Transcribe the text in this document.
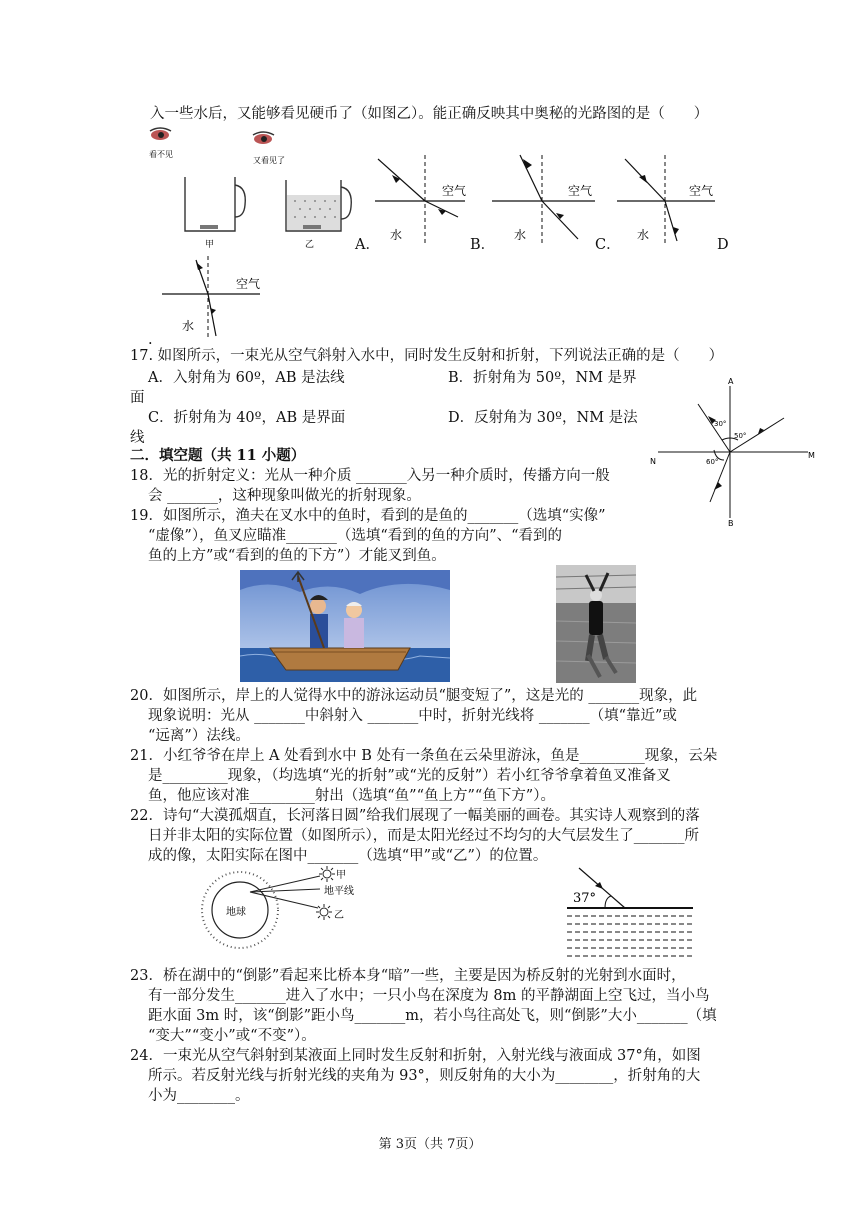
入一些水后，又能够看见硬币了（如图乙）。能正确反映其中奥秘的光路图的是（　　）
看不见
又看见了
甲	乙
空气
水
A．
空气
水
B．
空气
水
C．	D
空气
水
.
17. 如图所示，一束光从空气斜射入水中，同时发生反射和折射，下列说法正确的是（　　）
A．入射角为 60º，AB 是法线	B．折射角为 50º，NM 是界
面
C．折射角为 40º，AB 是界面	D．反射角为 30º，NM 是法
线
A
B
N
M
30°
50°
60°
二．填空题（共 11 小题）
18．光的折射定义：光从一种介质 _______入另一种介质时，传播方向一般
会 _______，这种现象叫做光的折射现象。
19．如图所示，渔夫在叉水中的鱼时，看到的是鱼的_______（选填“实像”
“虚像”），鱼叉应瞄准_______（选填“看到的鱼的方向”、“看到的
鱼的上方”或“看到的鱼的下方”）才能叉到鱼。
20．如图所示，岸上的人觉得水中的游泳运动员“腿变短了”，这是光的 _______现象，此
现象说明：光从 _______中斜射入 _______中时，折射光线将 _______（填“靠近”或
“远离”）法线。
21．小红爷爷在岸上 A 处看到水中 B 处有一条鱼在云朵里游泳，鱼是_________现象，云朵
是_________现象，（均选填“光的折射”或“光的反射”）若小红爷爷拿着鱼叉准备叉
鱼，他应该对准_________射出（选填“鱼”“鱼上方”“鱼下方”）。
22．诗句“大漠孤烟直，长河落日圆”给我们展现了一幅美丽的画卷。其实诗人观察到的落
日并非太阳的实际位置（如图所示），而是太阳光经过不均匀的大气层发生了_______所
成的像，太阳实际在图中_______（选填“甲”或“乙”）的位置。
地球
甲
地平线
乙
37°
23．桥在湖中的“倒影”看起来比桥本身“暗”一些，主要是因为桥反射的光射到水面时，
有一部分发生_______进入了水中；一只小鸟在深度为 8m 的平静湖面上空飞过，当小鸟
距水面 3m 时，该“倒影”距小鸟_______m，若小鸟往高处飞，则“倒影”大小_______（填
“变大”“变小”或“不变”）。
24．一束光从空气斜射到某液面上同时发生反射和折射，入射光线与液面成 37°角，如图
所示。若反射光线与折射光线的夹角为 93°，则反射角的大小为________，折射角的大
小为________。
第 3页（共 7页）
